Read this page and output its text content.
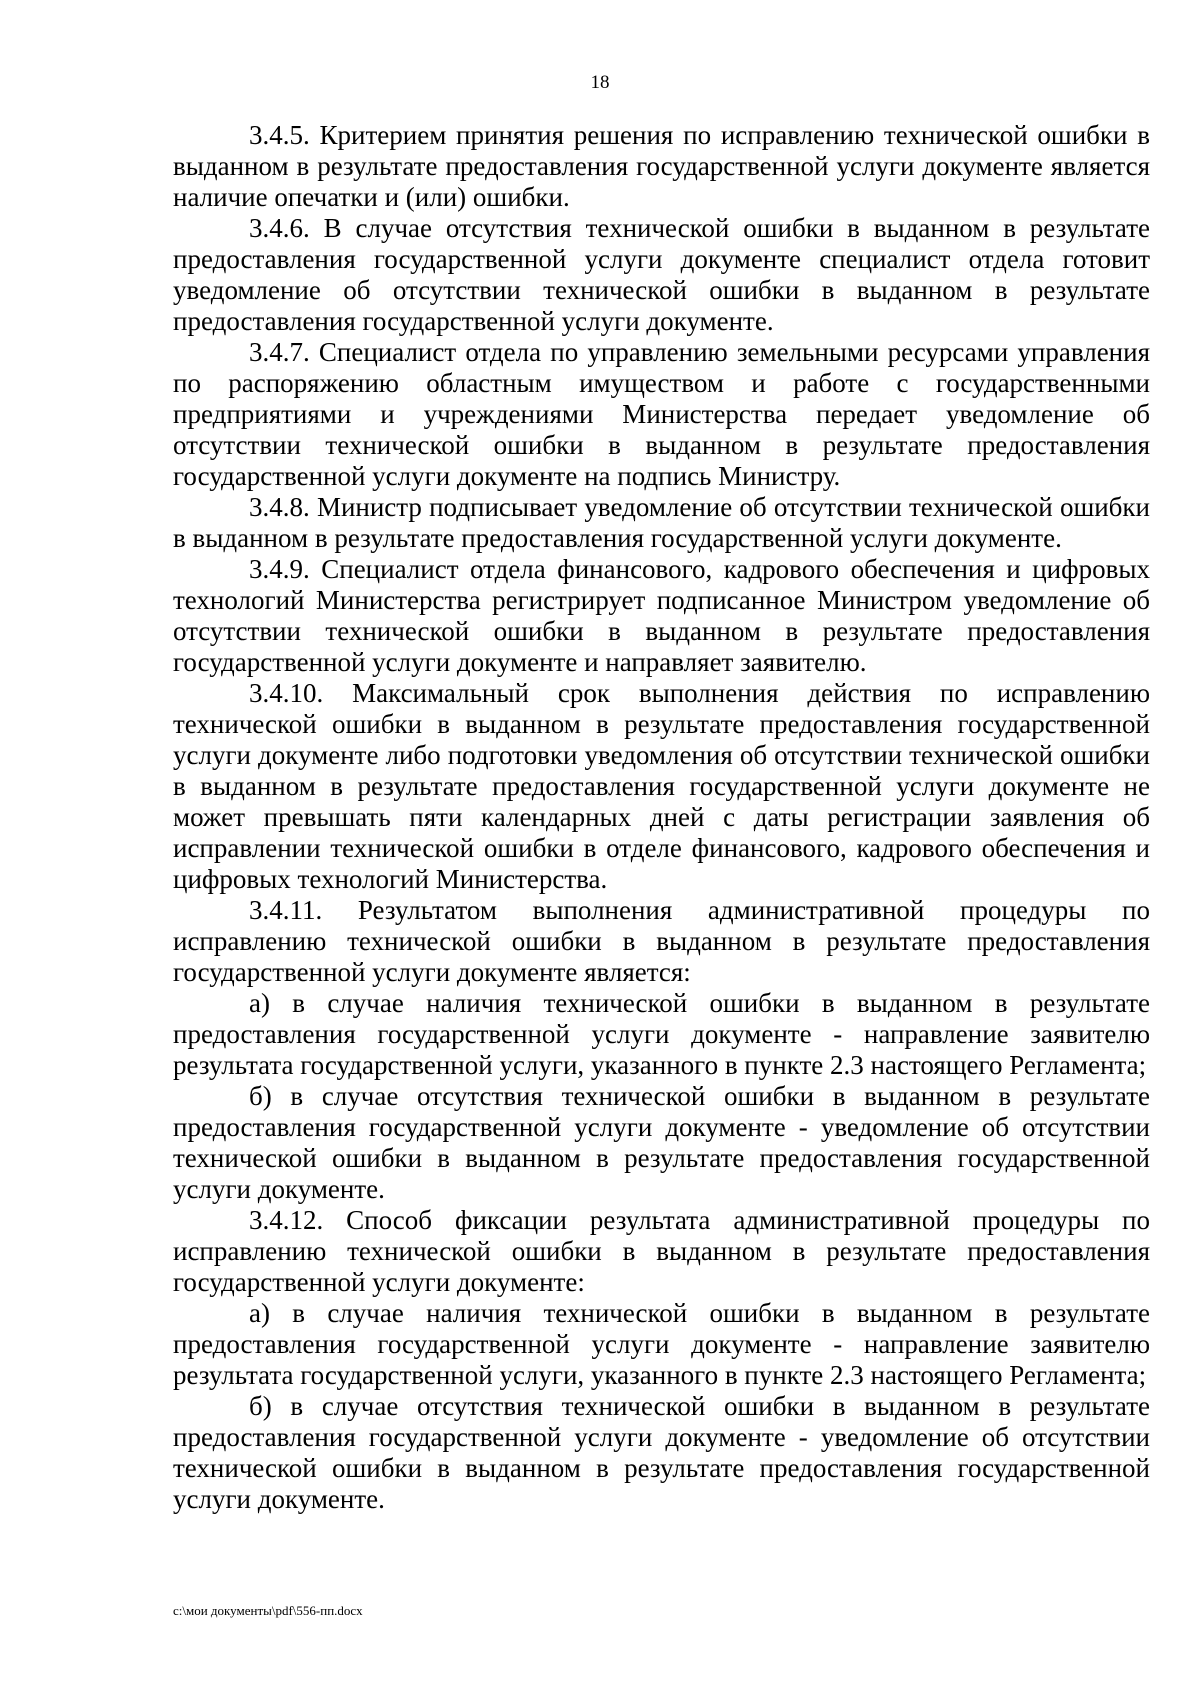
18

3.4.5. Критерием принятия решения по исправлению технической ошибки в выданном в результате предоставления государственной услуги документе является наличие опечатки и (или) ошибки.

3.4.6. В случае отсутствия технической ошибки в выданном в результате предоставления государственной услуги документе специалист отдела готовит уведомление об отсутствии технической ошибки в выданном в результате предоставления государственной услуги документе.

3.4.7. Специалист отдела по управлению земельными ресурсами управления по распоряжению областным имуществом и работе с государственными предприятиями и учреждениями Министерства передает уведомление об отсутствии технической ошибки в выданном в результате предоставления государственной услуги документе на подпись Министру.

3.4.8. Министр подписывает уведомление об отсутствии технической ошибки в выданном в результате предоставления государственной услуги документе.

3.4.9. Специалист отдела финансового, кадрового обеспечения и цифровых технологий Министерства регистрирует подписанное Министром уведомление об отсутствии технической ошибки в выданном в результате предоставления государственной услуги документе и направляет заявителю.

3.4.10. Максимальный срок выполнения действия по исправлению технической ошибки в выданном в результате предоставления государственной услуги документе либо подготовки уведомления об отсутствии технической ошибки в выданном в результате предоставления государственной услуги документе не может превышать пяти календарных дней с даты регистрации заявления об исправлении технической ошибки в отделе финансового, кадрового обеспечения и цифровых технологий Министерства.

3.4.11. Результатом выполнения административной процедуры по исправлению технической ошибки в выданном в результате предоставления государственной услуги документе является:

а) в случае наличия технической ошибки в выданном в результате предоставления государственной услуги документе - направление заявителю результата государственной услуги, указанного в пункте 2.3 настоящего Регламента;

б) в случае отсутствия технической ошибки в выданном в результате предоставления государственной услуги документе - уведомление об отсутствии технической ошибки в выданном в результате предоставления государственной услуги документе.

3.4.12. Способ фиксации результата административной процедуры по исправлению технической ошибки в выданном в результате предоставления государственной услуги документе:

а) в случае наличия технической ошибки в выданном в результате предоставления государственной услуги документе - направление заявителю результата государственной услуги, указанного в пункте 2.3 настоящего Регламента;

б) в случае отсутствия технической ошибки в выданном в результате предоставления государственной услуги документе - уведомление об отсутствии технической ошибки в выданном в результате предоставления государственной услуги документе.

c:\мои документы\pdf\556-пп.docx
